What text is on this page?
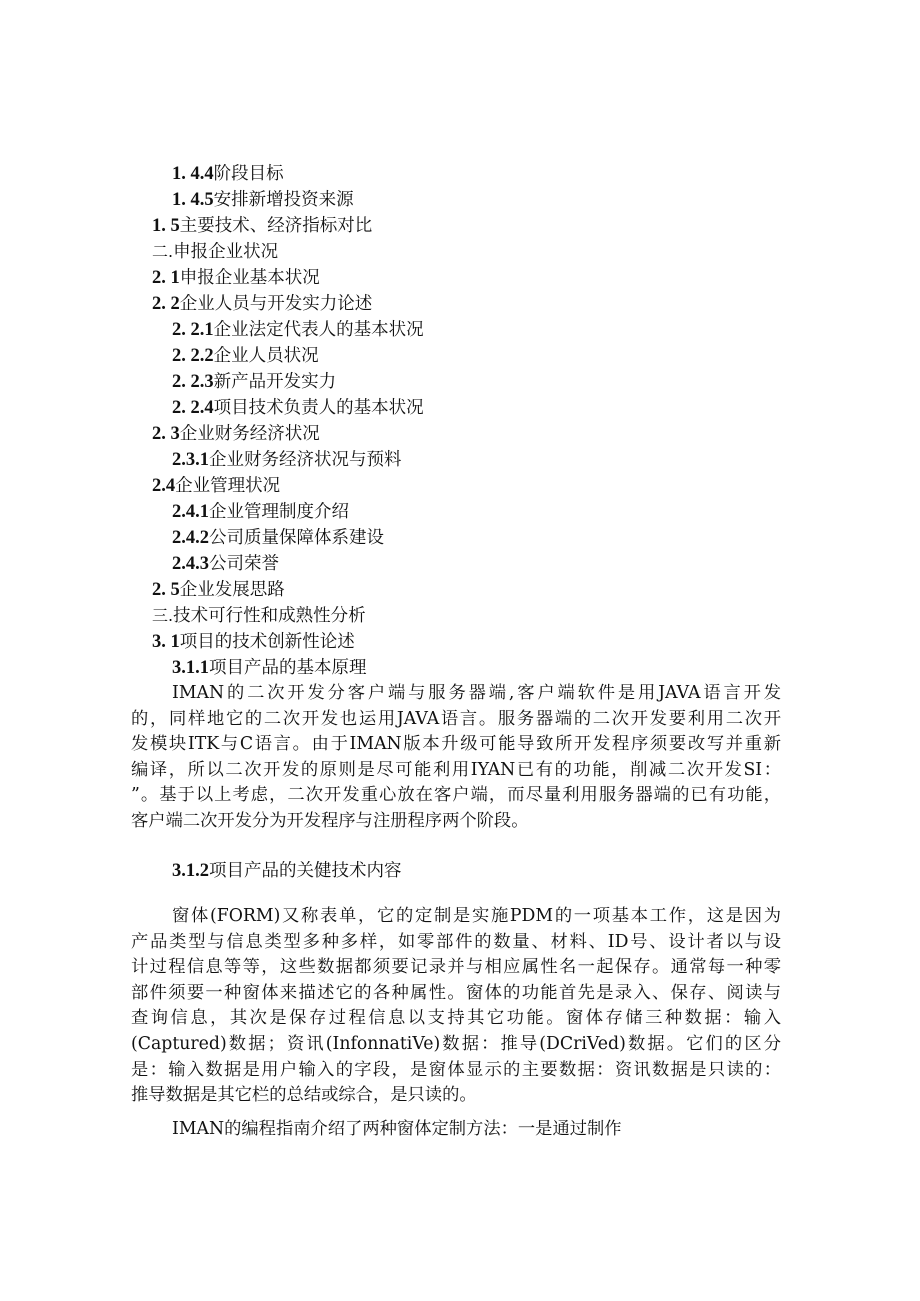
1. 4.4阶段目标
1. 4.5安排新增投资来源
1. 5主要技术、经济指标对比
二.申报企业状况
2. 1申报企业基本状况
2. 2企业人员与开发实力论述
2. 2.1企业法定代表人的基本状况
2. 2.2企业人员状况
2. 2.3新产品开发实力
2. 2.4项目技术负责人的基本状况
2. 3企业财务经济状况
2.3.1企业财务经济状况与预料
2.4企业管理状况
2.4.1企业管理制度介绍
2.4.2公司质量保障体系建设
2.4.3公司荣誉
2. 5企业发展思路
三.技术可行性和成熟性分析
3. 1项目的技术创新性论述
3.1.1项目产品的基本原理
IMAN的二次开发分客户端与服务器端,客户端软件是用JAVA语言开发
的，同样地它的二次开发也运用JAVA语言。服务器端的二次开发要利用二次开
发模块ITK与C语言。由于IMAN版本升级可能导致所开发程序须要改写并重新
编译，所以二次开发的原则是尽可能利用IYAN已有的功能，削减二次开发SI：
”。基于以上考虑，二次开发重心放在客户端，而尽量利用服务器端的已有功能，
客户端二次开发分为开发程序与注册程序两个阶段。
3.1.2项目产品的关健技术内容
窗体(FORM)又称表单，它的定制是实施PDM的一项基本工作，这是因为
产品类型与信息类型多种多样，如零部件的数量、材料、ID号、设计者以与设
计过程信息等等，这些数据都须要记录并与相应属性名一起保存。通常每一种零
部件须要一种窗体来描述它的各种属性。窗体的功能首先是录入、保存、阅读与
查询信息，其次是保存过程信息以支持其它功能。窗体存储三种数据：输入
(Captured)数据；资讯(InfonnatiVe)数据：推导(DCriVed)数据。它们的区分
是：输入数据是用户输入的字段，是窗体显示的主要数据：资讯数据是只读的：
推导数据是其它栏的总结或综合，是只读的。
IMAN的编程指南介绍了两种窗体定制方法：一是通过制作
